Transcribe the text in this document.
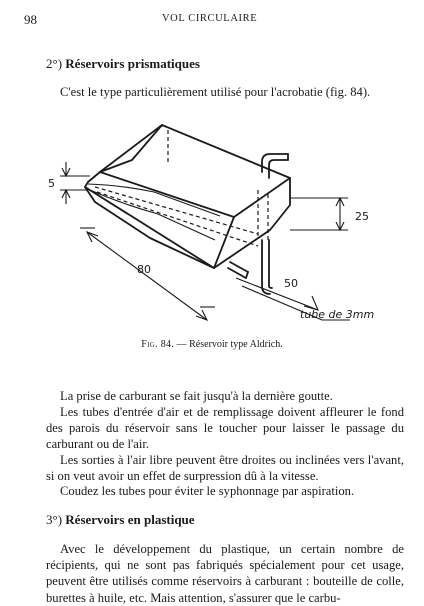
98	VOL CIRCULAIRE
2°) Réservoirs prismatiques
C'est le type particulièrement utilisé pour l'acrobatie (fig. 84).
5
25
80
50
tube de 3mm
Fig. 84. — Réservoir type Aldrich.
La prise de carburant se fait jusqu'à la dernière goutte.
Les tubes d'entrée d'air et de remplissage doivent affleurer le fond des parois du réservoir sans le toucher pour laisser le passage du carburant ou de l'air.
Les sorties à l'air libre peuvent être droites ou inclinées vers l'avant, si on veut avoir un effet de surpression dû à la vitesse.
Coudez les tubes pour éviter le syphonnage par aspiration.
3°) Réservoirs en plastique
Avec le développement du plastique, un certain nombre de récipients, qui ne sont pas fabriqués spécialement pour cet usage, peuvent être utilisés comme réservoirs à carburant : bouteille de colle, burettes à huile, etc. Mais attention, s'assurer que le carbu-
